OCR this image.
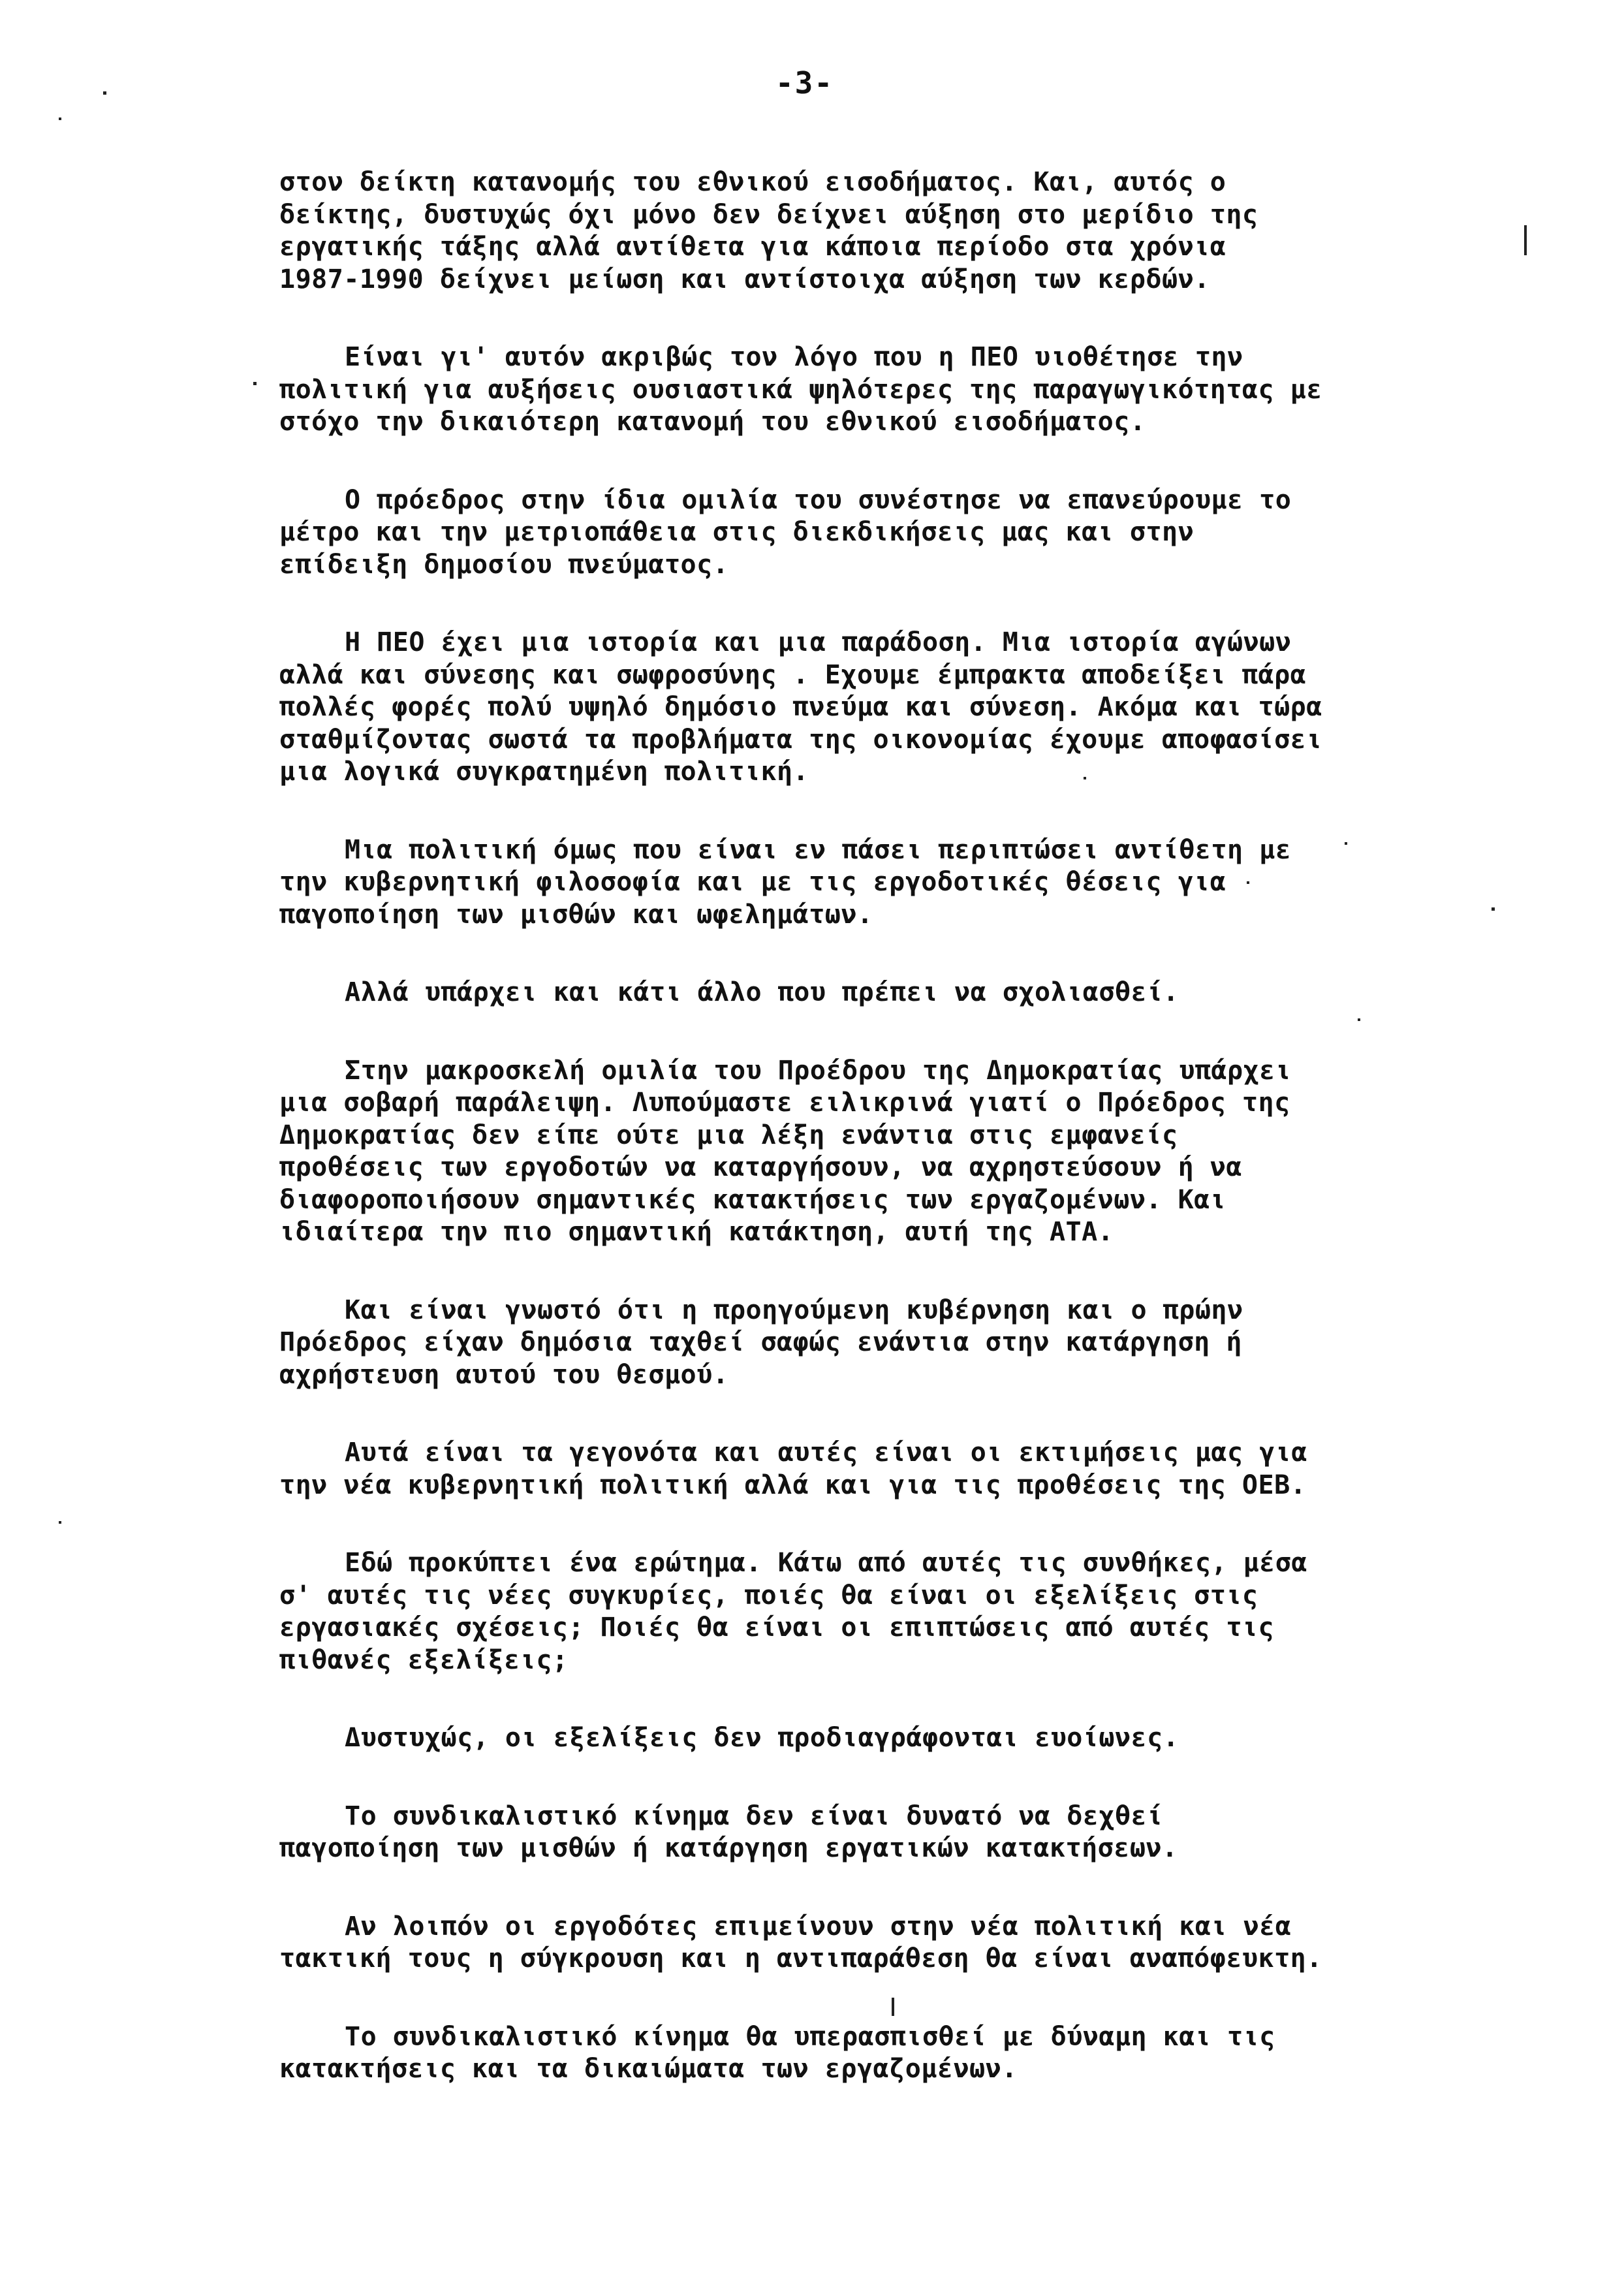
-3-
στον δείκτη κατανομής του εθνικού εισοδήματος. Και, αυτός ο
δείκτης, δυστυχώς όχι μόνο δεν δείχνει αύξηση στο μερίδιο της
εργατικής τάξης αλλά αντίθετα για κάποια περίοδο στα χρόνια
1987-1990 δείχνει μείωση και αντίστοιχα αύξηση των κερδών.
Είναι γι' αυτόν ακριβώς τον λόγο που η ΠΕΟ υιοθέτησε την
πολιτική για αυξήσεις ουσιαστικά ψηλότερες της παραγωγικότητας με
στόχο την δικαιότερη κατανομή του εθνικού εισοδήματος.
Ο πρόεδρος στην ίδια ομιλία του συνέστησε να επανεύρουμε το
μέτρο και την μετριοπάθεια στις διεκδικήσεις μας και στην
επίδειξη δημοσίου πνεύματος.
Η ΠΕΟ έχει μια ιστορία και μια παράδοση. Μια ιστορία αγώνων
αλλά και σύνεσης και σωφροσύνης . Εχουμε έμπρακτα αποδείξει πάρα
πολλές φορές πολύ υψηλό δημόσιο πνεύμα και σύνεση. Ακόμα και τώρα
σταθμίζοντας σωστά τα προβλήματα της οικονομίας έχουμε αποφασίσει
μια λογικά συγκρατημένη πολιτική.
Μια πολιτική όμως που είναι εν πάσει περιπτώσει αντίθετη με
την κυβερνητική φιλοσοφία και με τις εργοδοτικές θέσεις για
παγοποίηση των μισθών και ωφελημάτων.
Αλλά υπάρχει και κάτι άλλο που πρέπει να σχολιασθεί.
Στην μακροσκελή ομιλία του Προέδρου της Δημοκρατίας υπάρχει
μια σοβαρή παράλειψη. Λυπούμαστε ειλικρινά γιατί ο Πρόεδρος της
Δημοκρατίας δεν είπε ούτε μια λέξη ενάντια στις εμφανείς
προθέσεις των εργοδοτών να καταργήσουν, να αχρηστεύσουν ή να
διαφοροποιήσουν σημαντικές κατακτήσεις των εργαζομένων. Και
ιδιαίτερα την πιο σημαντική κατάκτηση, αυτή της ΑΤΑ.
Και είναι γνωστό ότι η προηγούμενη κυβέρνηση και ο πρώην
Πρόεδρος είχαν δημόσια ταχθεί σαφώς ενάντια στην κατάργηση ή
αχρήστευση αυτού του θεσμού.
Αυτά είναι τα γεγονότα και αυτές είναι οι εκτιμήσεις μας για
την νέα κυβερνητική πολιτική αλλά και για τις προθέσεις της ΟΕΒ.
Εδώ προκύπτει ένα ερώτημα. Κάτω από αυτές τις συνθήκες, μέσα
σ' αυτές τις νέες συγκυρίες, ποιές θα είναι οι εξελίξεις στις
εργασιακές σχέσεις; Ποιές θα είναι οι επιπτώσεις από αυτές τις
πιθανές εξελίξεις;
Δυστυχώς, οι εξελίξεις δεν προδιαγράφονται ευοίωνες.
Το συνδικαλιστικό κίνημα δεν είναι δυνατό να δεχθεί
παγοποίηση των μισθών ή κατάργηση εργατικών κατακτήσεων.
Αν λοιπόν οι εργοδότες επιμείνουν στην νέα πολιτική και νέα
τακτική τους η σύγκρουση και η αντιπαράθεση θα είναι αναπόφευκτη.
Το συνδικαλιστικό κίνημα θα υπερασπισθεί με δύναμη και τις
κατακτήσεις και τα δικαιώματα των εργαζομένων.
